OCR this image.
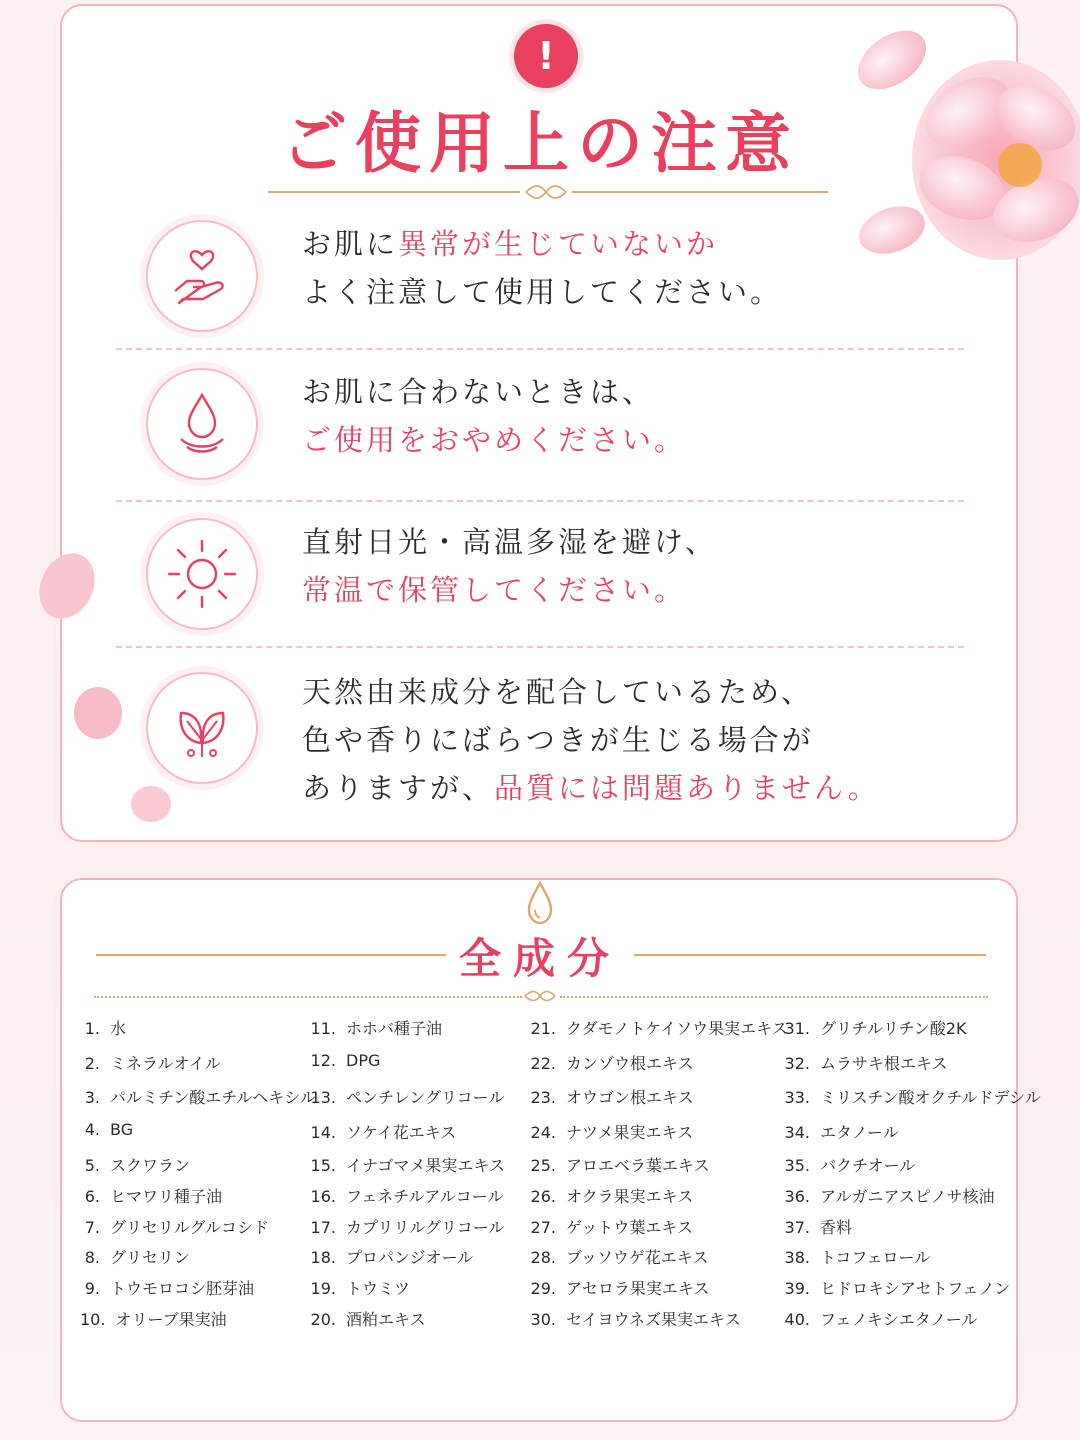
!
ご使用上の注意
お肌に異常が生じていないか
よく注意して使用してください。
お肌に合わないときは、
ご使用をおやめください。
直射日光・高温多湿を避け、
常温で保管してください。
天然由来成分を配合しているため、
色や香りにばらつきが生じる場合が
ありますが、品質には問題ありません。
全成分
1. 水
2. ミネラルオイル
3. パルミチン酸エチルヘキシル
4. BG
5. スクワラン
6. ヒマワリ種子油
7. グリセリルグルコシド
8. グリセリン
9. トウモロコシ胚芽油
10. オリーブ果実油
11. ホホバ種子油
12. DPG
13. ペンチレングリコール
14. ソケイ花エキス
15. イナゴマメ果実エキス
16. フェネチルアルコール
17. カプリリルグリコール
18. プロパンジオール
19. トウミツ
20. 酒粕エキス
21. クダモノトケイソウ果実エキス
22. カンゾウ根エキス
23. オウゴン根エキス
24. ナツメ果実エキス
25. アロエベラ葉エキス
26. オクラ果実エキス
27. ゲットウ葉エキス
28. ブッソウゲ花エキス
29. アセロラ果実エキス
30. セイヨウネズ果実エキス
31. グリチルリチン酸2K
32. ムラサキ根エキス
33. ミリスチン酸オクチルドデシル
34. エタノール
35. バクチオール
36. アルガニアスピノサ核油
37. 香料
38. トコフェロール
39. ヒドロキシアセトフェノン
40. フェノキシエタノール
